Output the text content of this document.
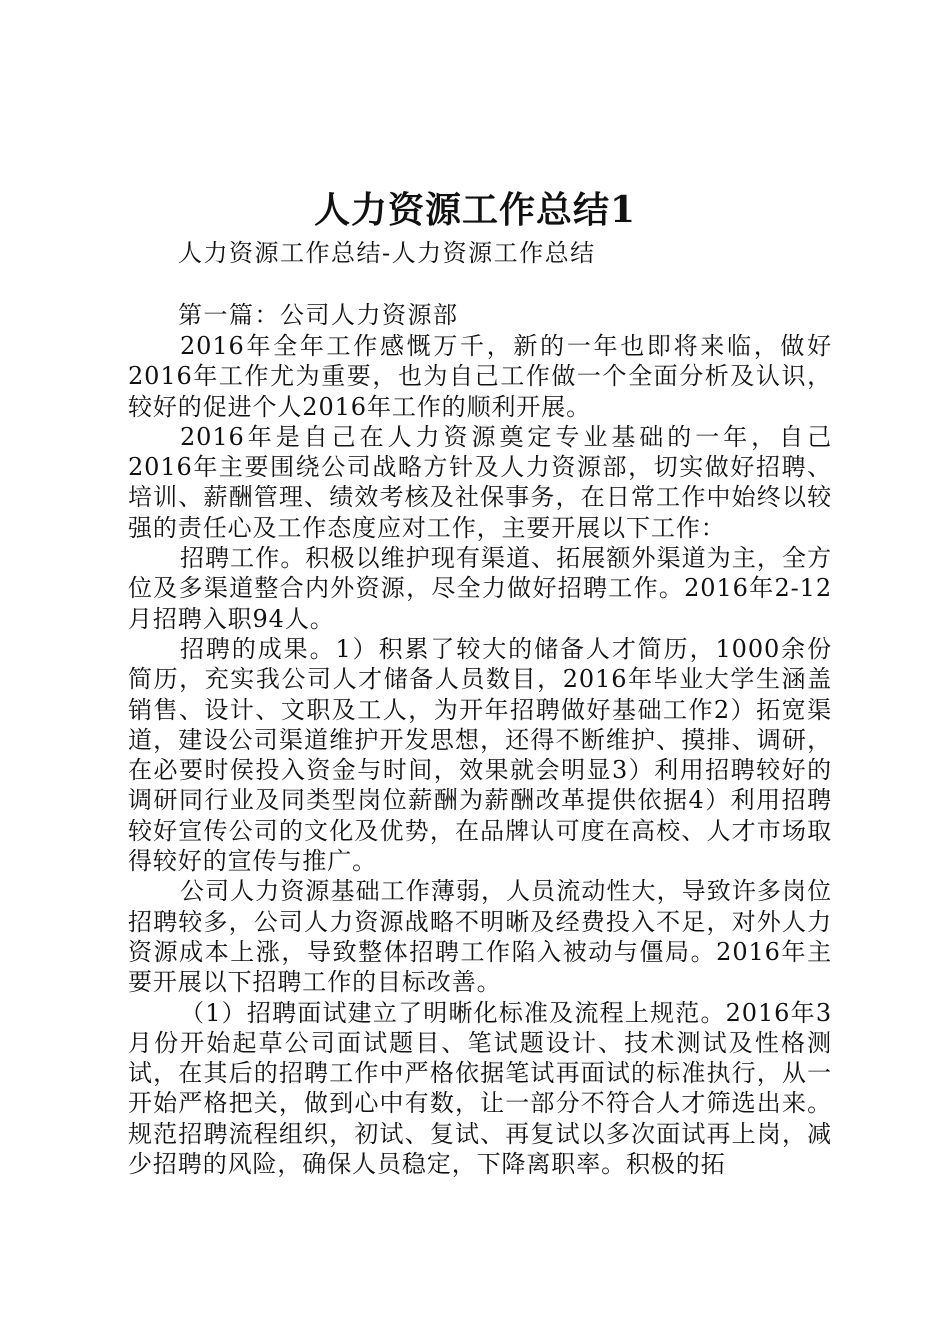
人力资源工作总结1
人力资源工作总结-人力资源工作总结
第一篇：公司人力资源部

2016年全年工作感慨万千，新的一年也即将来临，做好2016年工作尤为重要，也为自己工作做一个全面分析及认识，较好的促进个人2016年工作的顺利开展。

2016年是自己在人力资源奠定专业基础的一年，自己2016年主要围绕公司战略方针及人力资源部，切实做好招聘、培训、薪酬管理、绩效考核及社保事务，在日常工作中始终以较强的责任心及工作态度应对工作，主要开展以下工作：

招聘工作。积极以维护现有渠道、拓展额外渠道为主，全方位及多渠道整合内外资源，尽全力做好招聘工作。2016年2-12月招聘入职94人。

招聘的成果。1）积累了较大的储备人才简历，1000余份简历，充实我公司人才储备人员数目，2016年毕业大学生涵盖销售、设计、文职及工人，为开年招聘做好基础工作2）拓宽渠道，建设公司渠道维护开发思想，还得不断维护、摸排、调研，在必要时侯投入资金与时间，效果就会明显3）利用招聘较好的调研同行业及同类型岗位薪酬为薪酬改革提供依据4）利用招聘较好宣传公司的文化及优势，在品牌认可度在高校、人才市场取得较好的宣传与推广。

公司人力资源基础工作薄弱，人员流动性大，导致许多岗位招聘较多，公司人力资源战略不明晰及经费投入不足，对外人力资源成本上涨，导致整体招聘工作陷入被动与僵局。2016年主要开展以下招聘工作的目标改善。

（1）招聘面试建立了明晰化标准及流程上规范。2016年3月份开始起草公司面试题目、笔试题设计、技术测试及性格测试，在其后的招聘工作中严格依据笔试再面试的标准执行，从一开始严格把关，做到心中有数，让一部分不符合人才筛选出来。规范招聘流程组织，初试、复试、再复试以多次面试再上岗，减少招聘的风险，确保人员稳定，下降离职率。积极的拓
